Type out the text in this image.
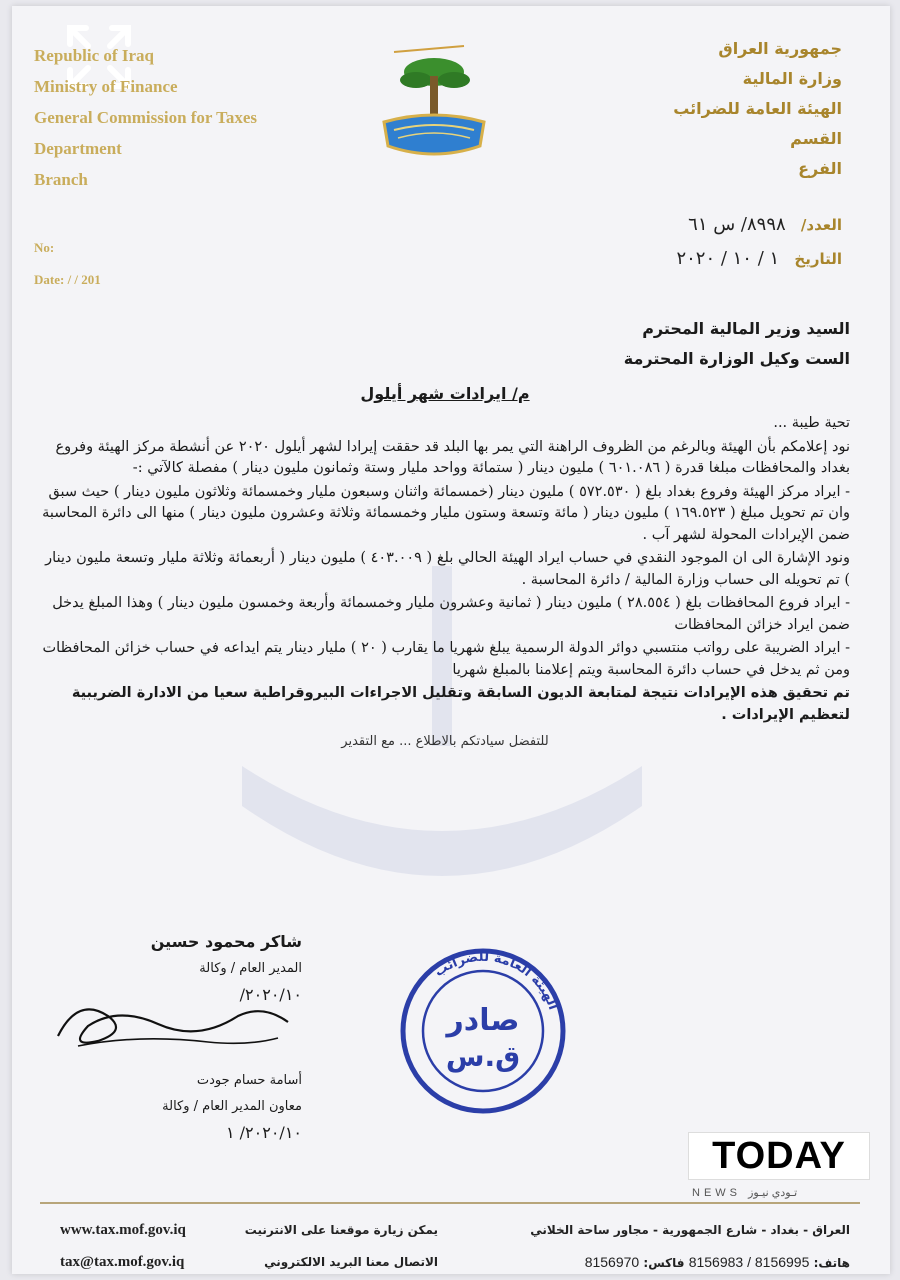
Republic of Iraq
Ministry of Finance
General Commission for Taxes
Department
Branch
No:
Date: / / 201
جمهورية العراق
وزارة المالية
الهيئة العامة للضرائب
القسم
الفرع
العدد/ ٨٩٩٨/ س ٦١
التاريخ ١ / ١٠ / ٢٠٢٠
السيد وزير المالية المحترم
الست وكيل الوزارة المحترمة
م/ ايرادات شهر أيلول

تحية طيبة ...

نود إعلامكم بأن الهيئة وبالرغم من الظروف الراهنة التي يمر بها البلد قد حققت إيرادا لشهر أيلول ٢٠٢٠ عن أنشطة مركز الهيئة وفروع بغداد والمحافظات مبلغا قدرة ( ٦٠١.٠٨٦ ) مليون دينار ( ستمائة وواحد مليار وستة وثمانون مليون دينار ) مفصلة كالآتي :-

- ايراد مركز الهيئة وفروع بغداد بلغ ( ٥٧٢.٥٣٠ ) مليون دينار (خمسمائة واثنان وسبعون مليار وخمسمائة وثلاثون مليون دينار ) حيث سبق وان تم تحويل مبلغ ( ١٦٩.٥٢٣ ) مليون دينار ( مائة وتسعة وستون مليار وخمسمائة وثلاثة وعشرون مليون دينار ) منها الى دائرة المحاسبة ضمن الإيرادات المحولة لشهر آب .

ونود الإشارة الى ان الموجود النقدي في حساب ايراد الهيئة الحالي بلغ ( ٤٠٣.٠٠٩ ) مليون دينار ( أربعمائة وثلاثة مليار وتسعة مليون دينار ) تم تحويله الى حساب وزارة المالية / دائرة المحاسبة .

- ايراد فروع المحافظات بلغ ( ٢٨.٥٥٤ ) مليون دينار ( ثمانية وعشرون مليار وخمسمائة وأربعة وخمسون مليون دينار ) وهذا المبلغ يدخل ضمن ايراد خزائن المحافظات

- ايراد الضريبة على رواتب منتسبي دوائر الدولة الرسمية يبلغ شهريا ما يقارب ( ٢٠ ) مليار دينار يتم ايداعه في حساب خزائن المحافظات ومن ثم يدخل في حساب دائرة المحاسبة ويتم إعلامنا بالمبلغ شهريا

تم تحقيق هذه الإيرادات نتيجة لمتابعة الديون السابقة وتقليل الاجراءات البيروقراطية سعيا من الادارة الضريبية لتعظيم الإيرادات .

للتفضل سيادتكم بالاطلاع ... مع التقدير
شاكر محمود حسين
المدير العام / وكالة
٢٠٢٠/١٠/
أسامة حسام جودت
معاون المدير العام / وكالة
٢٠٢٠/١٠/ ١
الهيئة العامة للضرائب
صادر
ق.س
TODAY
NEWS تـودي نيـوز
www.tax.mof.gov.iq
tax@tax.mof.gov.iq
يمكن زيارة موقعنا على الانترنيت
الاتصال معنا البريد الالكتروني
العراق - بغداد - شارع الجمهورية - مجاور ساحة الخلاني
هاتف: 8156995 / 8156983 فاكس: 8156970
